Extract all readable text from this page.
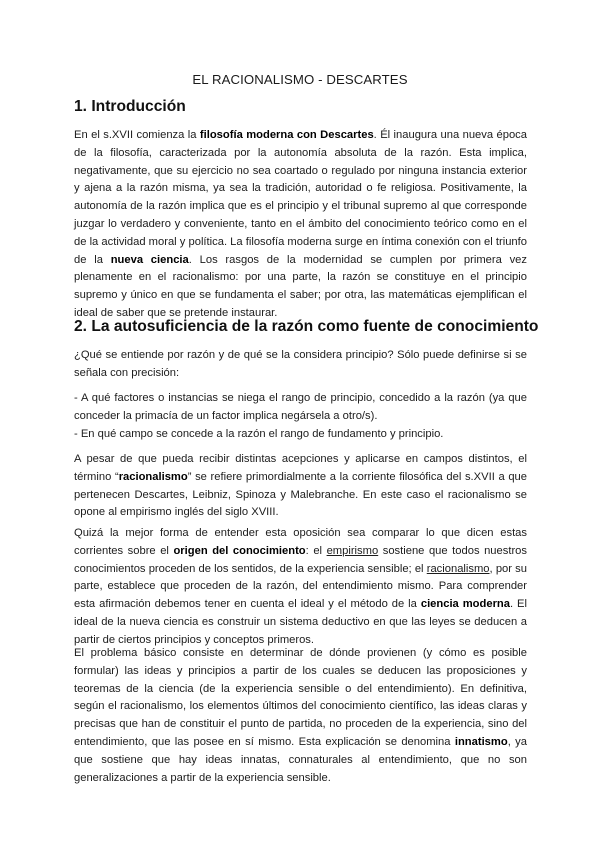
EL RACIONALISMO - DESCARTES
1. Introducción

En el s.XVII comienza la filosofía moderna con Descartes. Él inaugura una nueva época de la filosofía, caracterizada por la autonomía absoluta de la razón. Esta implica, negativamente, que su ejercicio no sea coartado o regulado por ninguna instancia exterior y ajena a la razón misma, ya sea la tradición, autoridad o fe religiosa. Positivamente, la autonomía de la razón implica que es el principio y el tribunal supremo al que corresponde juzgar lo verdadero y conveniente, tanto en el ámbito del conocimiento teórico como en el de la actividad moral y política. La filosofía moderna surge en íntima conexión con el triunfo de la nueva ciencia. Los rasgos de la modernidad se cumplen por primera vez plenamente en el racionalismo: por una parte, la razón se constituye en el principio supremo y único en que se fundamenta el saber; por otra, las matemáticas ejemplifican el ideal de saber que se pretende instaurar.

2. La autosuficiencia de la razón como fuente de conocimiento

¿Qué se entiende por razón y de qué se la considera principio? Sólo puede definirse si se señala con precisión:

- A qué factores o instancias se niega el rango de principio, concedido a la razón (ya que conceder la primacía de un factor implica negársela a otro/s).

- En qué campo se concede a la razón el rango de fundamento y principio.

A pesar de que pueda recibir distintas acepciones y aplicarse en campos distintos, el término “racionalismo” se refiere primordialmente a la corriente filosófica del s.XVII a que pertenecen Descartes, Leibniz, Spinoza y Malebranche. En este caso el racionalismo se opone al empirismo inglés del siglo XVIII.

Quizá la mejor forma de entender esta oposición sea comparar lo que dicen estas corrientes sobre el origen del conocimiento: el empirismo sostiene que todos nuestros conocimientos proceden de los sentidos, de la experiencia sensible; el racionalismo, por su parte, establece que proceden de la razón, del entendimiento mismo. Para comprender esta afirmación debemos tener en cuenta el ideal y el método de la ciencia moderna. El ideal de la nueva ciencia es construir un sistema deductivo en que las leyes se deducen a partir de ciertos principios y conceptos primeros.

El problema básico consiste en determinar de dónde provienen (y cómo es posible formular) las ideas y principios a partir de los cuales se deducen las proposiciones y teoremas de la ciencia (de la experiencia sensible o del entendimiento). En definitiva, según el racionalismo, los elementos últimos del conocimiento científico, las ideas claras y precisas que han de constituir el punto de partida, no proceden de la experiencia, sino del entendimiento, que las posee en sí mismo. Esta explicación se denomina innatismo, ya que sostiene que hay ideas innatas, connaturales al entendimiento, que no son generalizaciones a partir de la experiencia sensible.
